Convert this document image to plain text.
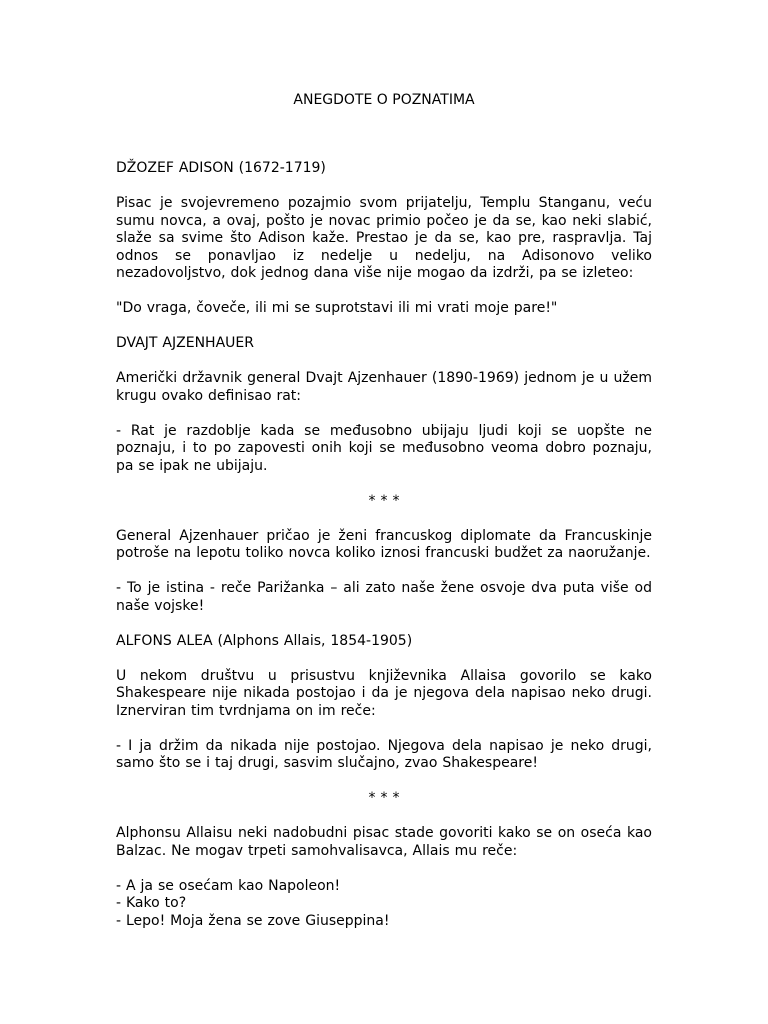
ANEGDOTE O POZNATIMA

DŽOZEF ADISON (1672-1719)

Pisac je svojevremeno pozajmio svom prijatelju, Templu Stanganu, veću sumu novca, a ovaj, pošto je novac primio počeo je da se, kao neki slabić, slaže sa svime što Adison kaže. Prestao je da se, kao pre, raspravlja. Taj odnos se ponavljao iz nedelje u nedelju, na Adisonovo veliko nezadovoljstvo, dok jednog dana više nije mogao da izdrži, pa se izleteo:

"Do vraga, čoveče, ili mi se suprotstavi ili mi vrati moje pare!"

DVAJT AJZENHAUER

Američki državnik general Dvajt Ajzenhauer (1890-1969) jednom je u užem krugu ovako definisao rat:

- Rat je razdoblje kada se međusobno ubijaju ljudi koji se uopšte ne poznaju, i to po zapovesti onih koji se međusobno veoma dobro poznaju, pa se ipak ne ubijaju.

* * *

General Ajzenhauer pričao je ženi francuskog diplomate da Francuskinje potroše na lepotu toliko novca koliko iznosi francuski budžet za naoružanje.

- To je istina - reče Parižanka – ali zato naše žene osvoje dva puta više od naše vojske!

ALFONS ALEA (Alphons Allais, 1854-1905)

U nekom društvu u prisustvu književnika Allaisa govorilo se kako Shakespeare nije nikada postojao i da je njegova dela napisao neko drugi. Iznerviran tim tvrdnjama on im reče:

- I ja držim da nikada nije postojao. Njegova dela napisao je neko drugi, samo što se i taj drugi, sasvim slučajno, zvao Shakespeare!

* * *

Alphonsu Allaisu neki nadobudni pisac stade govoriti kako se on oseća kao Balzac. Ne mogav trpeti samohvalisavca, Allais mu reče:

- A ja se osećam kao Napoleon!
- Kako to?
- Lepo! Moja žena se zove Giuseppina!
